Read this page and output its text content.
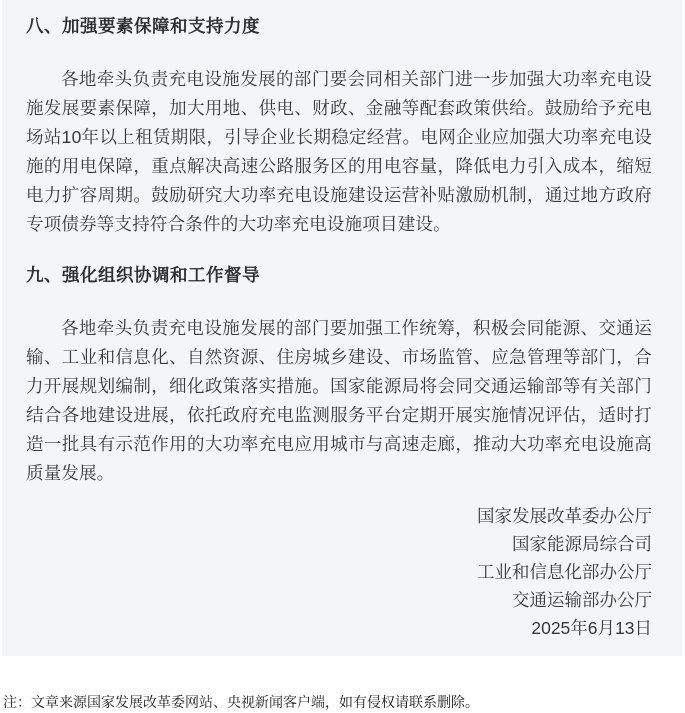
八、加强要素保障和支持力度

各地牵头负责充电设施发展的部门要会同相关部门进一步加强大功率充电设施发展要素保障，加大用地、供电、财政、金融等配套政策供给。鼓励给予充电场站10年以上租赁期限，引导企业长期稳定经营。电网企业应加强大功率充电设施的用电保障，重点解决高速公路服务区的用电容量，降低电力引入成本，缩短电力扩容周期。鼓励研究大功率充电设施建设运营补贴激励机制，通过地方政府专项债券等支持符合条件的大功率充电设施项目建设。

九、强化组织协调和工作督导

各地牵头负责充电设施发展的部门要加强工作统筹，积极会同能源、交通运输、工业和信息化、自然资源、住房城乡建设、市场监管、应急管理等部门，合力开展规划编制，细化政策落实措施。国家能源局将会同交通运输部等有关部门结合各地建设进展，依托政府充电监测服务平台定期开展实施情况评估，适时打造一批具有示范作用的大功率充电应用城市与高速走廊，推动大功率充电设施高质量发展。

国家发展改革委办公厅
国家能源局综合司
工业和信息化部办公厅
交通运输部办公厅
2025年6月13日
注：文章来源国家发展改革委网站、央视新闻客户端，如有侵权请联系删除。
